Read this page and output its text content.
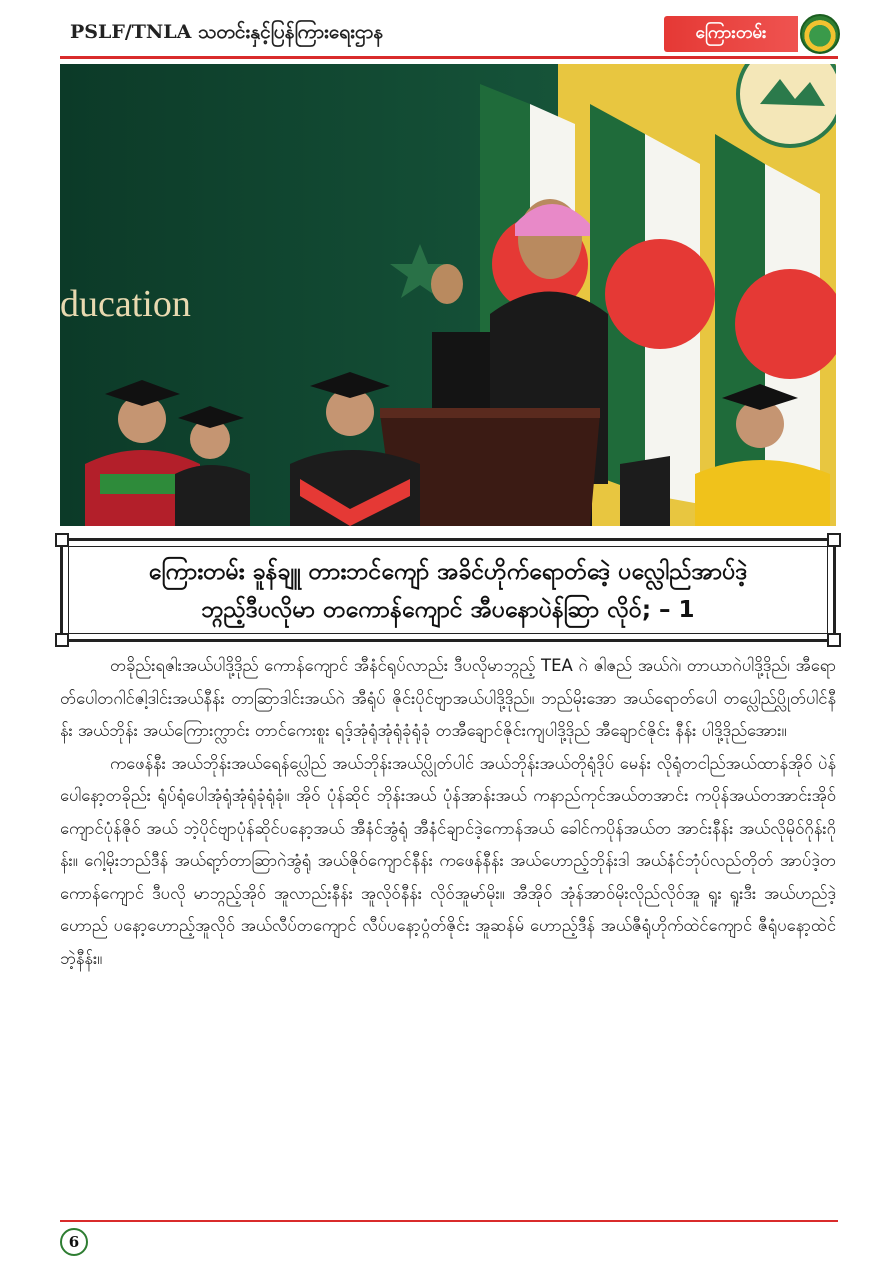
PSLF/TNLA သတင်းနှင့်ပြန်ကြားရေးဌာန	ကြေားတမ်း
ducation
ကြေားတမ်း ခူန်ချူ တားဘင်ကျော် အခိင်ဟိုက်ရောတ်ဒေဲ့ ပလ္လေါည်အာပ်ဒဲ့
ဘ္ဂည့်ဒီပလိုမာ တကောန်ကျောင် အီပနောပဲန်ဆြာ လိုဝ်; – 1

တခိုည်းရဇါးအယ်ပါဒို့ဒိုည် ကောန်ကျောင် အီနံင်ရုပ်လာည်း ဒီပလိုမာဘ္ဂည့် TEA ဂဲ ဇါဇည် အယ်ဂဲ၊ တာယာဂဲပါဒို့ဒိုည်၊ အီရောတ်ပေါတဂါင်ဇါ့ဒါင်းအယ်နီန်း တာဆြာဒါင်းအယ်ဂဲ အီရုံပ် ဇိုင်းပိုင်ဗျာအယ်ပါဒို့ဒိုည်။ ဘည်မိုးအော အယ်ရောတ်ပေါ တပ္လေါည်ပ္လိုတ်ပါင်နီန်း အယ်ဘိုန်း အယ်ကြေားက္လာင်း တာင်ကေးစူး ရဒ့်အုံရုံအုံရုံခုံရုံခုံ တအီချောင်ဇိုင်းကျပါဒို့ဒိုည် အီချောင်ဇိုင်း နီန်း ပါဒို့ဒိုည်အေား။

ကဖေန်နီး အယ်ဘိုန်းအယ်ရေန်ပ္လေါည် အယ်ဘိုန်းအယ်ပ္လိုတ်ပါင် အယ်ဘိုန်းအယ်တိုရုံဒိုပ် မေန်း လိုရုံတငါည်အယ်ထာန်အိုဝ် ပဲန်ပေါနော့တခိုည်း ရုံပ်ရုံပေါအုံရုံအုံရုံခုံရုံခုံ။ အိုဝ် ပုံန်ဆိုင် ဘိုန်းအယ် ပုံန်အာန်းအယ် ကနာည်ကုင်အယ်တအာင်း ကပိုန်အယ်တအာင်းအိုဝ် ကျောင်ပုံန်ဇိုဝ် အယ် ဘဲ့ပိုင်ဗျာပုံန်ဆိုင်ပနော့အယ် အီနံင်အွံရုံ အီနံင်ချာင်ဒဲ့ကောန်အယ် ခေါင်ကပိုန်အယ်တ အာင်းနီန်း အယ်လိုမိုဝ်ဂိုန်းဂိုန်း။ ဂေါ့မိုးဘည်ဒီန် အယ်ရာ့ာ်တာဆြာဂဲအွံရုံ အယ်ဇိုဝ်ကျောင်နီန်း ကဖေန်နီန်း အယ်ဟောည့်ဘိုန်းဒါ အယ်နံင်ဘုံပ်လည်တိုတ် အာပ်ဒဲ့တကောန်ကျောင် ဒီပလို မာဘ္ဂည့်အိုဝ် အူလာည်းနီန်း အူလိုဝ်နီန်း လိုဝ်အူမာ်မိုး။ အီအိုဝ် အုံန်အာဝ်မိုးလိုည်လိုဝ်အူ ရူး ရူးဒီး အယ်ဟည်ဒဲ့ဟောည် ပနော့ဟောည့်အူလိုဝ် အယ်လီပ်တကျောင် လီပ်ပနော့ပ္ဂံတ်ဇိုင်း အူဆန်မ် ဟောည့်ဒီန် အယ်ဇီရုံဟိုက်ထဲင်ကျောင် ဇီရုံပနော့ထဲင်ဘဲ့နီန်း။

6
